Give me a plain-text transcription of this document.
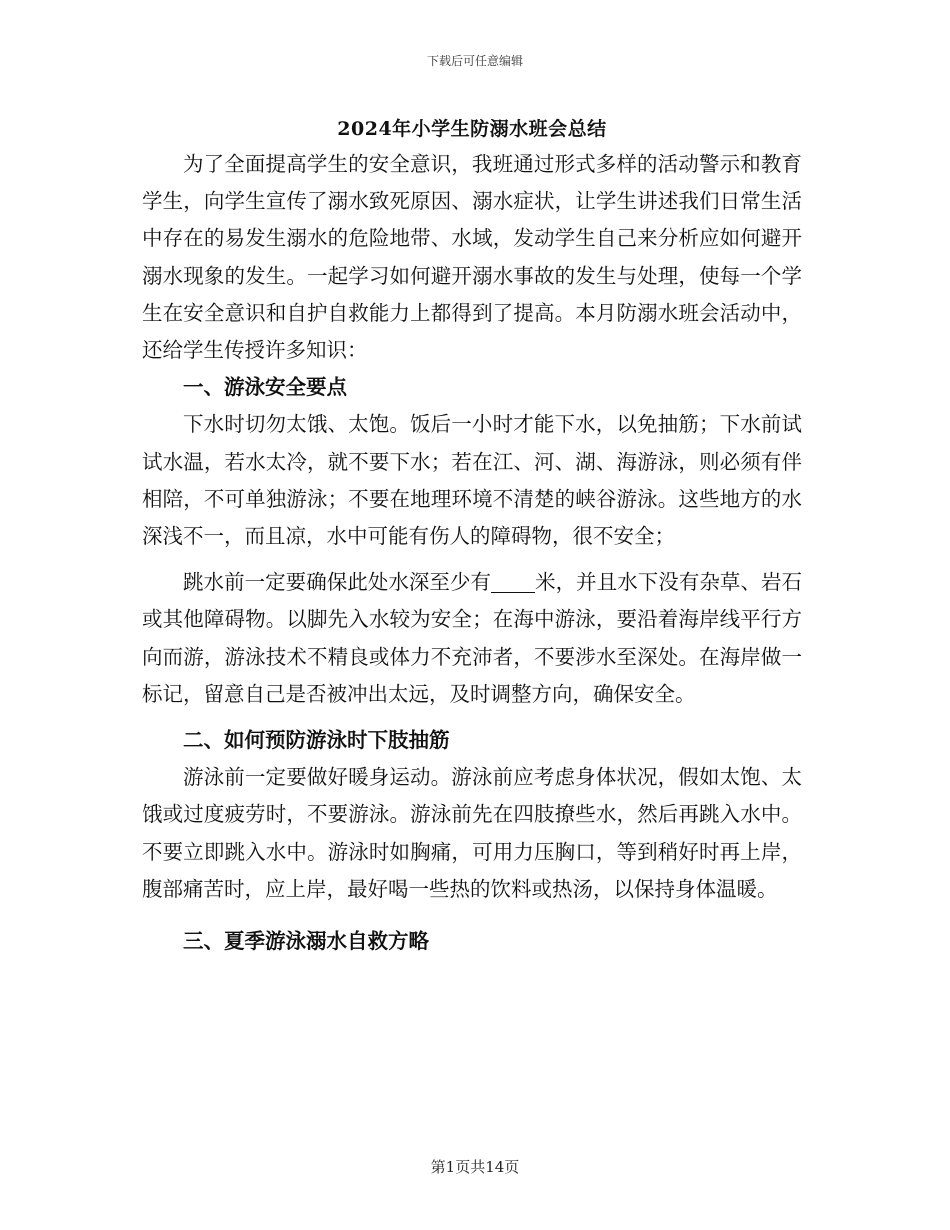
下载后可任意编辑
2024年小学生防溺水班会总结

为了全面提高学生的安全意识，我班通过形式多样的活动警示和教育学生，向学生宣传了溺水致死原因、溺水症状，让学生讲述我们日常生活中存在的易发生溺水的危险地带、水域，发动学生自己来分析应如何避开溺水现象的发生。一起学习如何避开溺水事故的发生与处理，使每一个学生在安全意识和自护自救能力上都得到了提高。本月防溺水班会活动中，还给学生传授许多知识：

一、游泳安全要点

下水时切勿太饿、太饱。饭后一小时才能下水，以免抽筋；下水前试试水温，若水太冷，就不要下水；若在江、河、湖、海游泳，则必须有伴相陪，不可单独游泳；不要在地理环境不清楚的峡谷游泳。这些地方的水深浅不一，而且凉，水中可能有伤人的障碍物，很不安全；

跳水前一定要确保此处水深至少有 米，并且水下没有杂草、岩石或其他障碍物。以脚先入水较为安全；在海中游泳，要沿着海岸线平行方向而游，游泳技术不精良或体力不充沛者，不要涉水至深处。在海岸做一标记，留意自己是否被冲出太远，及时调整方向，确保安全。

二、如何预防游泳时下肢抽筋

游泳前一定要做好暖身运动。游泳前应考虑身体状况，假如太饱、太饿或过度疲劳时，不要游泳。游泳前先在四肢撩些水，然后再跳入水中。不要立即跳入水中。游泳时如胸痛，可用力压胸口，等到稍好时再上岸，腹部痛苦时，应上岸，最好喝一些热的饮料或热汤，以保持身体温暖。

三、夏季游泳溺水自救方略
第1页共14页
